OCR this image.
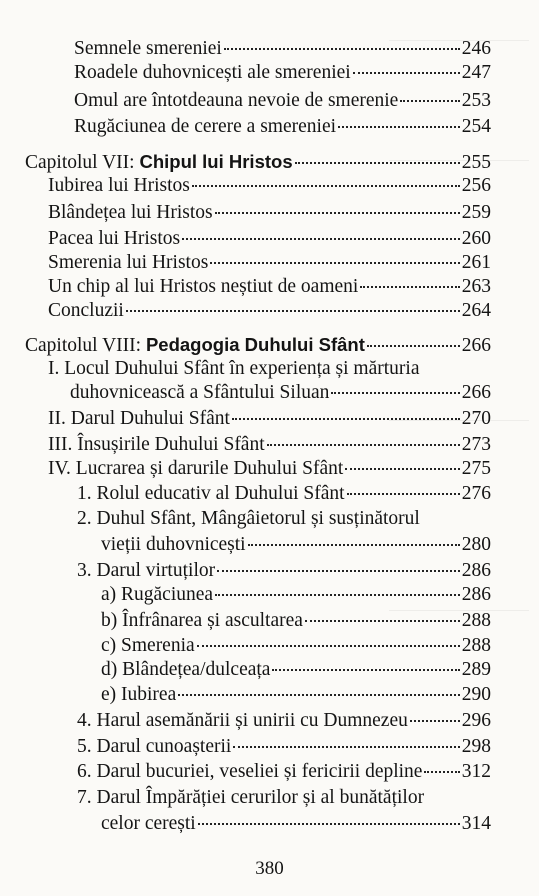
Semnele smereniei	246
Roadele duhovnicești ale smereniei	247
Omul are întotdeauna nevoie de smerenie	253
Rugăciunea de cerere a smereniei	254
Capitolul VII: Chipul lui Hristos	255
Iubirea lui Hristos	256
Blândețea lui Hristos	259
Pacea lui Hristos	260
Smerenia lui Hristos	261
Un chip al lui Hristos neștiut de oameni	263
Concluzii	264
Capitolul VIII: Pedagogia Duhului Sfânt	266
I. Locul Duhului Sfânt în experiența și mărturia
duhovnicească a Sfântului Siluan	266
II. Darul Duhului Sfânt	270
III. Însușirile Duhului Sfânt	273
IV. Lucrarea și darurile Duhului Sfânt	275
1. Rolul educativ al Duhului Sfânt	276
2. Duhul Sfânt, Mângâietorul și susținătorul
vieții duhovnicești	280
3. Darul virtuților	286
a) Rugăciunea	286
b) Înfrânarea și ascultarea	288
c) Smerenia	288
d) Blândețea/dulceața	289
e) Iubirea	290
4. Harul asemănării și unirii cu Dumnezeu	296
5. Darul cunoașterii	298
6. Darul bucuriei, veseliei și fericirii depline 312
7. Darul Împărăției cerurilor și al bunătăților
celor cerești	314
380
